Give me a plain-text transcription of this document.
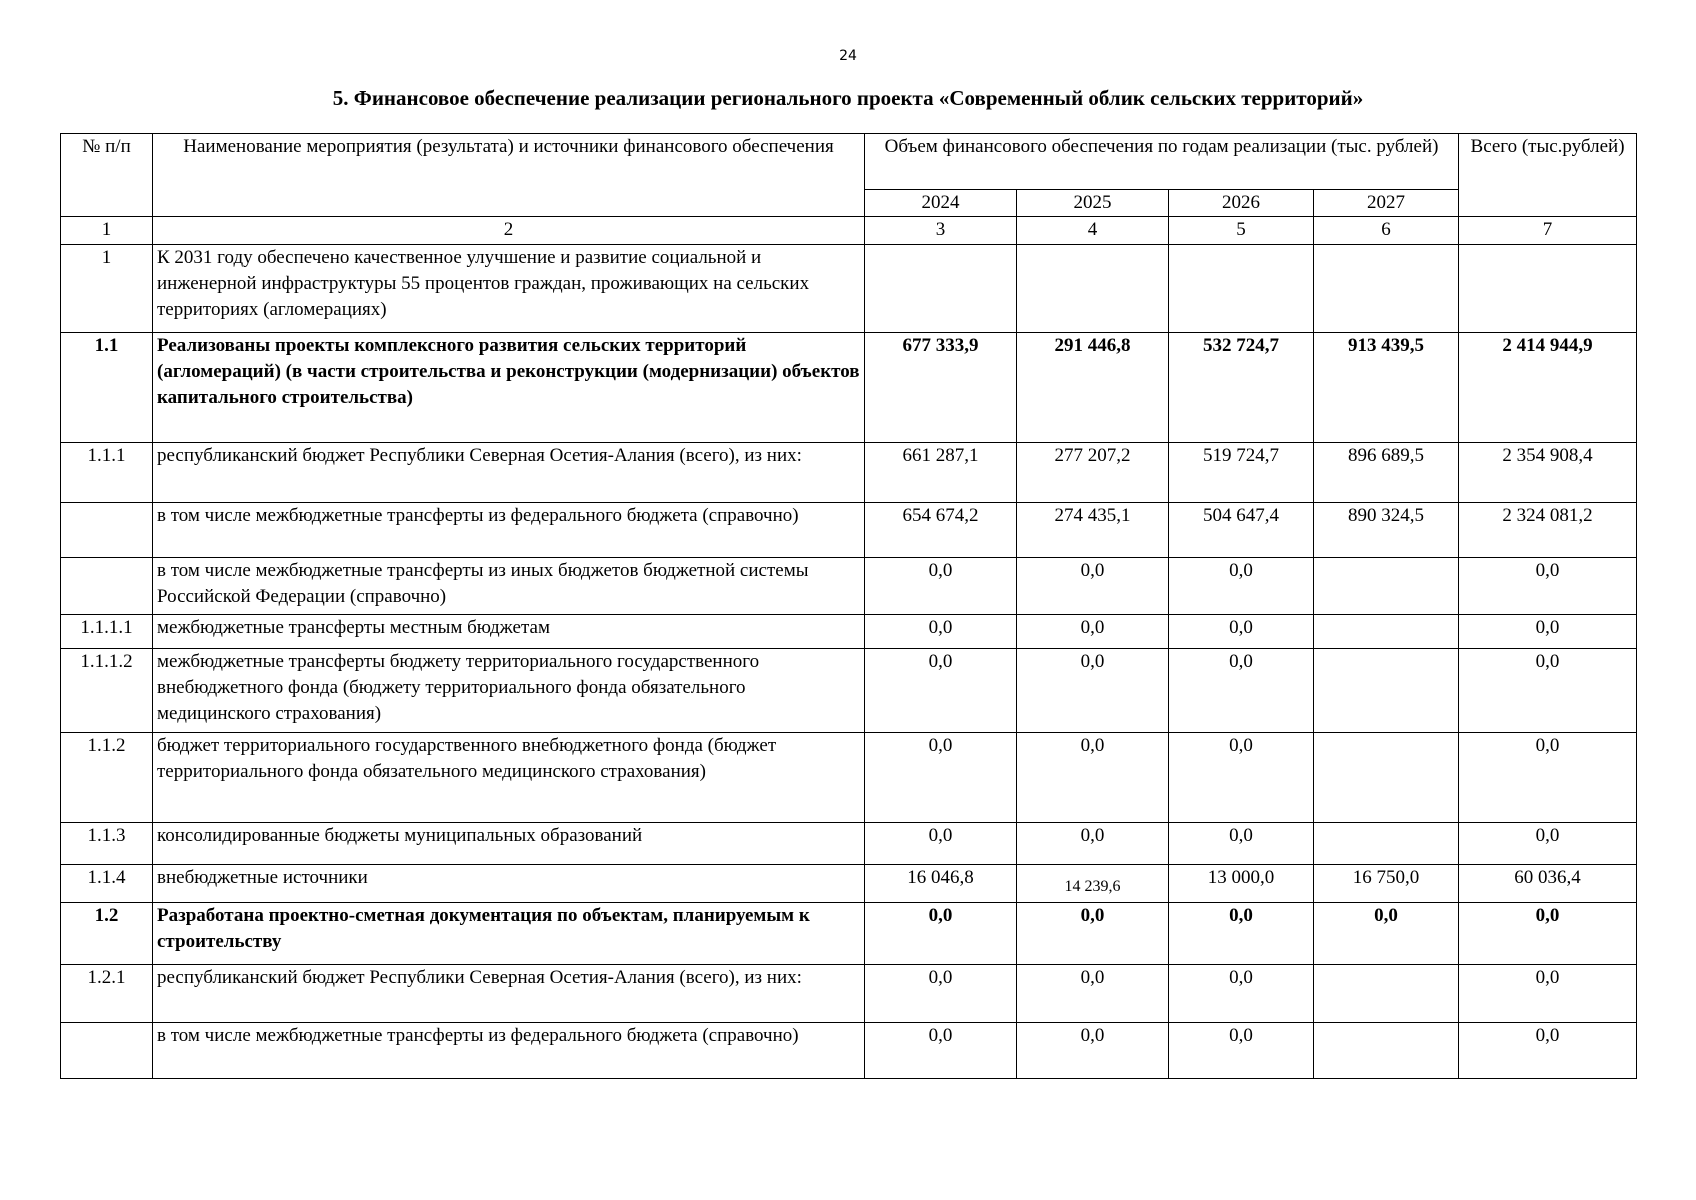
24
5. Финансовое обеспечение реализации регионального проекта «Современный облик сельских территорий»
№ п/п	Наименование мероприятия (результата) и источники финансового обеспечения	Объем финансового обеспечения по годам реализации (тыс. рублей)				Всего (тыс.рублей)
		2024	2025	2026	2027	
1	2	3	4	5	6	7
1	К 2031 году обеспечено качественное улучшение и развитие социальной и инженерной инфраструктуры 55 процентов граждан, проживающих на сельских территориях (агломерациях)					
1.1	Реализованы проекты комплексного развития сельских территорий (агломераций) (в части строительства и реконструкции (модернизации) объектов капитального строительства)	677 333,9	291 446,8	532 724,7	913 439,5	2 414 944,9
1.1.1	республиканский бюджет Республики Северная Осетия-Алания (всего), из них:	661 287,1	277 207,2	519 724,7	896 689,5	2 354 908,4
	в том числе межбюджетные трансферты из федерального бюджета (справочно)	654 674,2	274 435,1	504 647,4	890 324,5	2 324 081,2
	в том числе межбюджетные трансферты из иных бюджетов бюджетной системы Российской Федерации (справочно)	0,0	0,0	0,0		0,0
1.1.1.1	межбюджетные трансферты местным бюджетам	0,0	0,0	0,0		0,0
1.1.1.2	межбюджетные трансферты бюджету территориального государственного внебюджетного фонда (бюджету территориального фонда обязательного медицинского страхования)	0,0	0,0	0,0		0,0
1.1.2	бюджет территориального государственного внебюджетного фонда (бюджет территориального фонда обязательного медицинского страхования)	0,0	0,0	0,0		0,0
1.1.3	консолидированные бюджеты муниципальных образований	0,0	0,0	0,0		0,0
1.1.4	внебюджетные источники	16 046,8	$_{14 239,6}$	13 000,0	16 750,0	60 036,4
1.2	Разработана проектно-сметная документация по объектам, планируемым к строительству	0,0	0,0	0,0	0,0	0,0
1.2.1	республиканский бюджет Республики Северная Осетия-Алания (всего), из них:	0,0	0,0	0,0		0,0
	в том числе межбюджетные трансферты из федерального бюджета (справочно)	0,0	0,0	0,0		0,0
